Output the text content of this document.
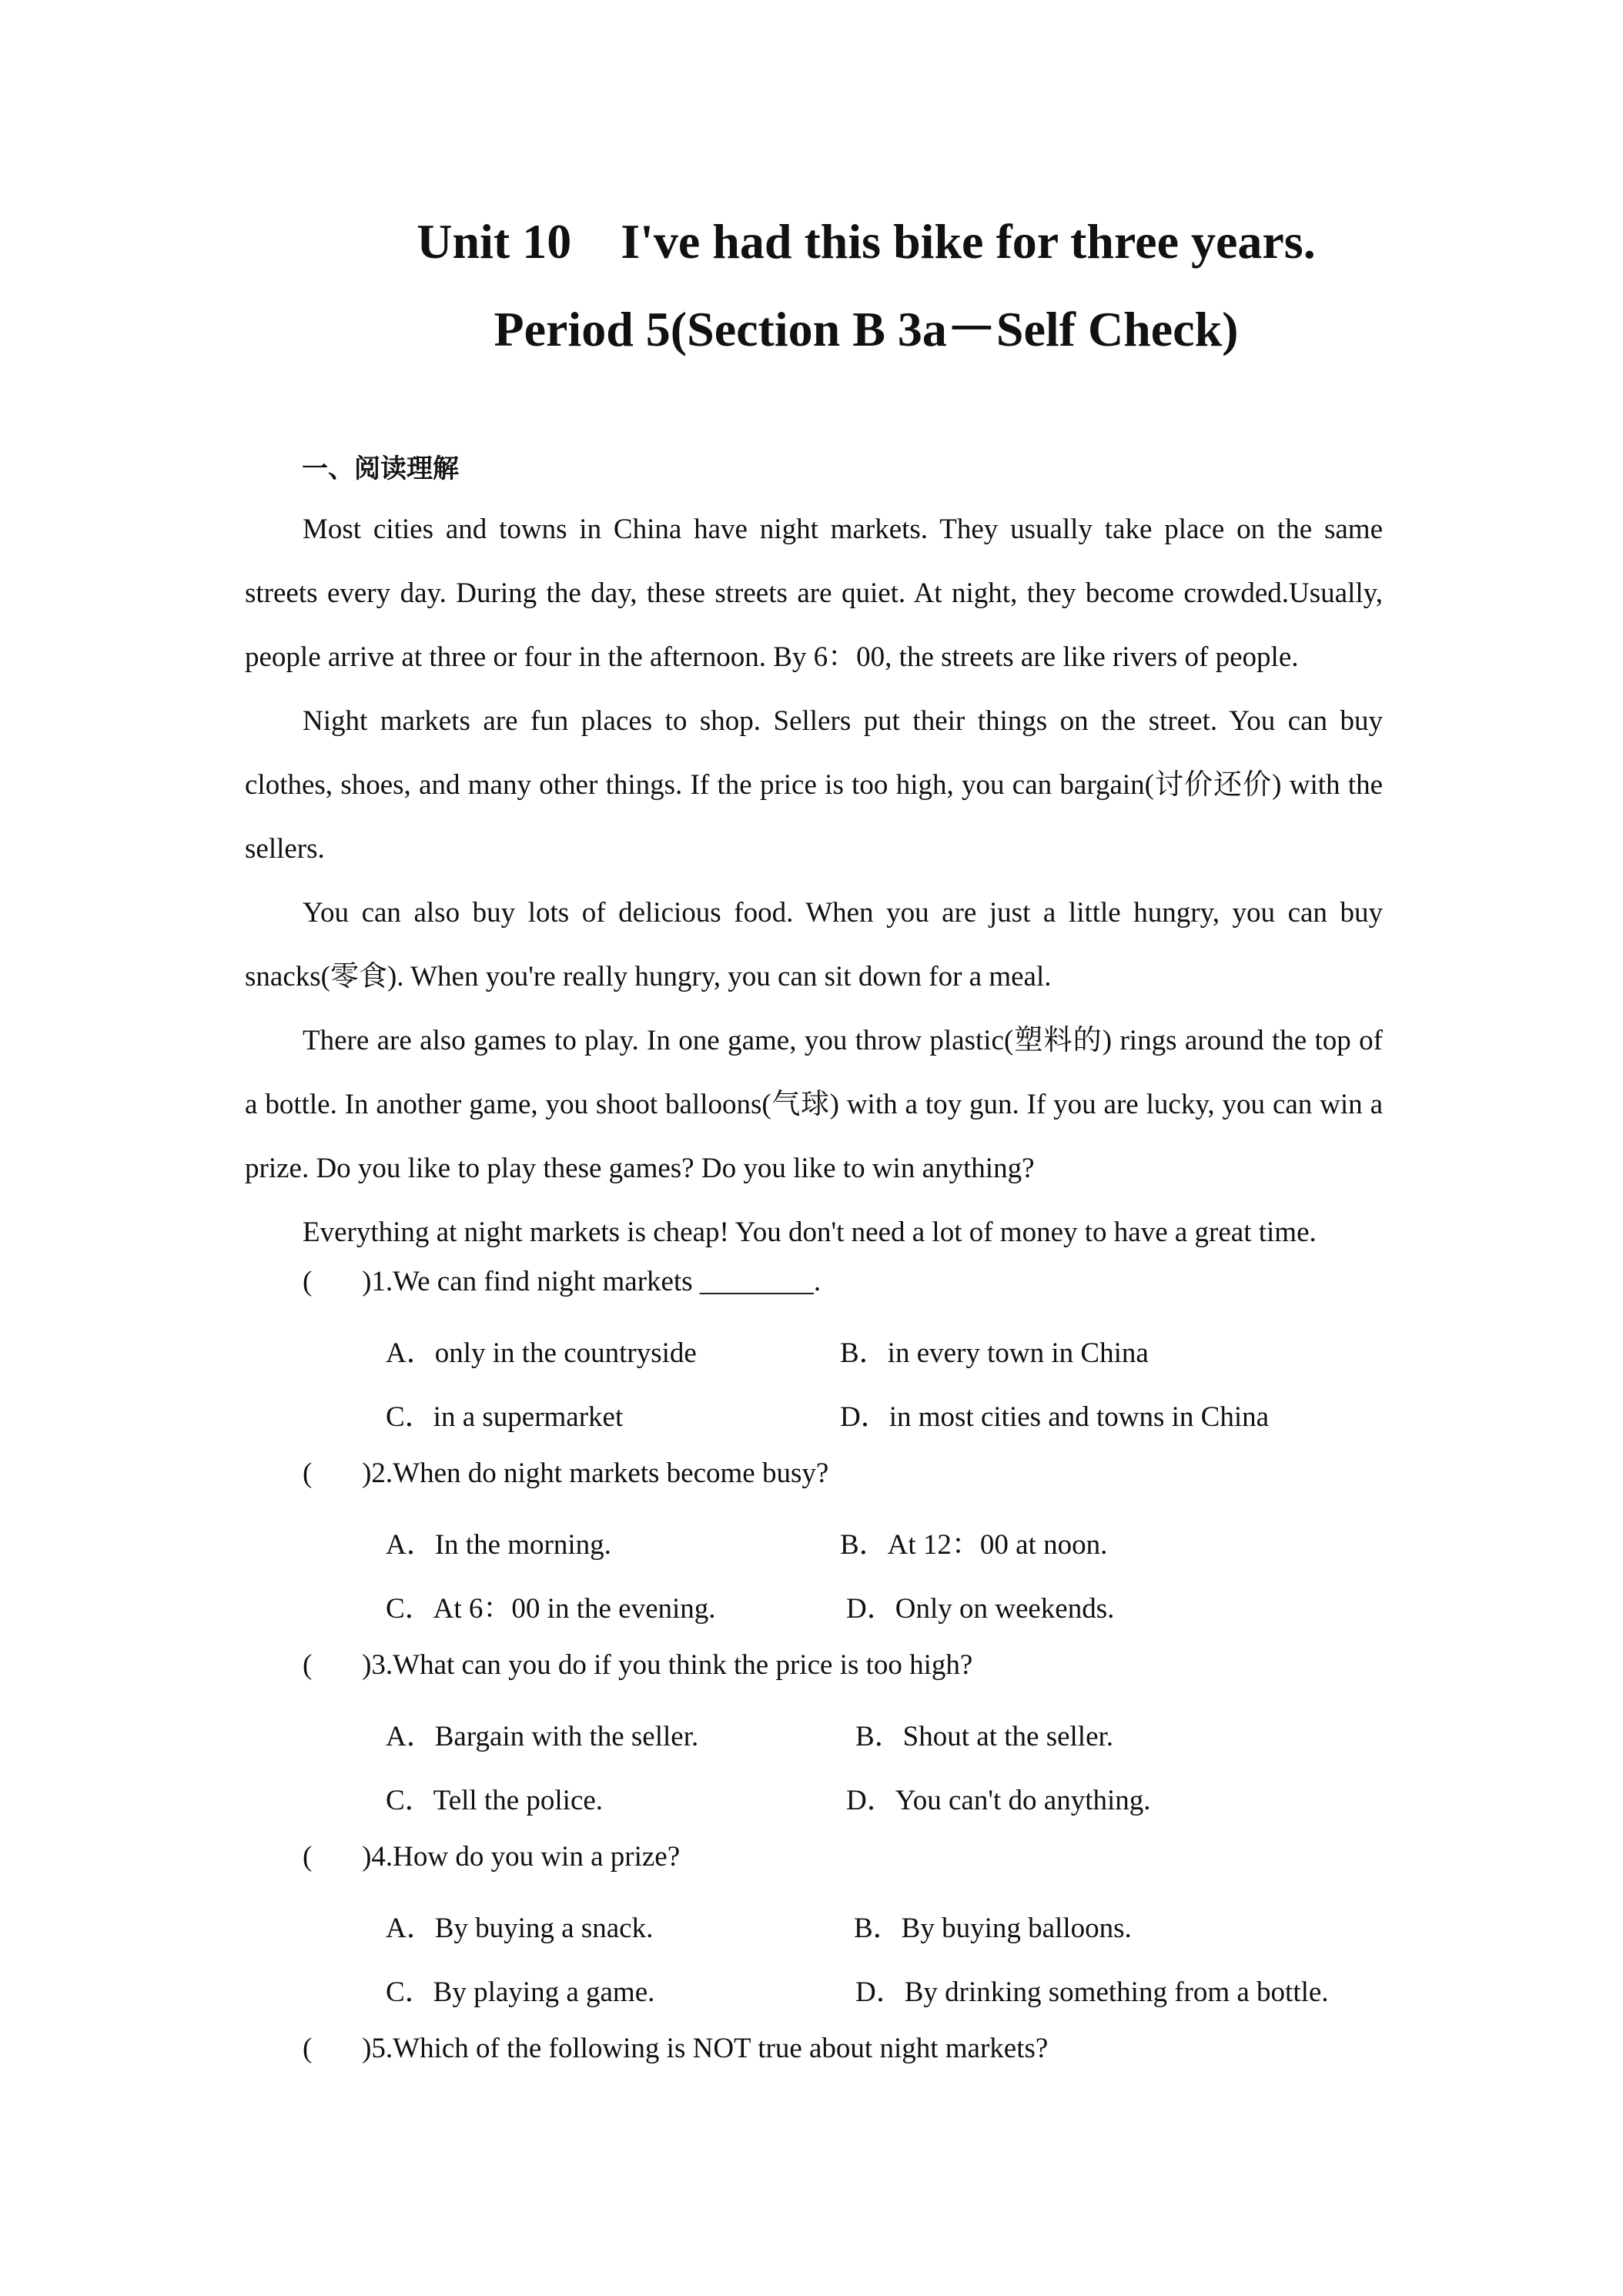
Unit 10    I've had this bike for three years.
Period 5(Section B 3a－Self Check)
一、阅读理解

Most cities and towns in China have night markets. They usually take place on the same streets every day. During the day, these streets are quiet. At night, they become crowded.Usually, people arrive at three or four in the afternoon. By 6：00, the streets are like rivers of people.

Night markets are fun places to shop. Sellers put their things on the street. You can buy clothes, shoes, and many other things. If the price is too high, you can bargain(讨价还价) with the sellers.

You can also buy lots of delicious food. When you are just a little hungry, you can buy snacks(零食). When you're really hungry, you can sit down for a meal.

There are also games to play. In one game, you throw plastic(塑料的) rings around the top of a bottle. In another game, you shoot balloons(气球) with a toy gun. If you are lucky, you can win a prize. Do you like to play these games? Do you like to win anything?

Everything at night markets is cheap! You don't need a lot of money to have a great time.

(       )1.We can find night markets ________.
A．only in the countryside	B．in every town in China
C．in a supermarket	D．in most cities and towns in China
(       )2.When do night markets become busy?
A．In the morning.	B．At 12：00 at noon.
C．At 6：00 in the evening.	D．Only on weekends.
(       )3.What can you do if you think the price is too high?
A．Bargain with the seller.	B．Shout at the seller.
C．Tell the police.	D．You can't do anything.
(       )4.How do you win a prize?
A．By buying a snack.	B．By buying balloons.
C．By playing a game.	D．By drinking something from a bottle.
(       )5.Which of the following is NOT true about night markets?
